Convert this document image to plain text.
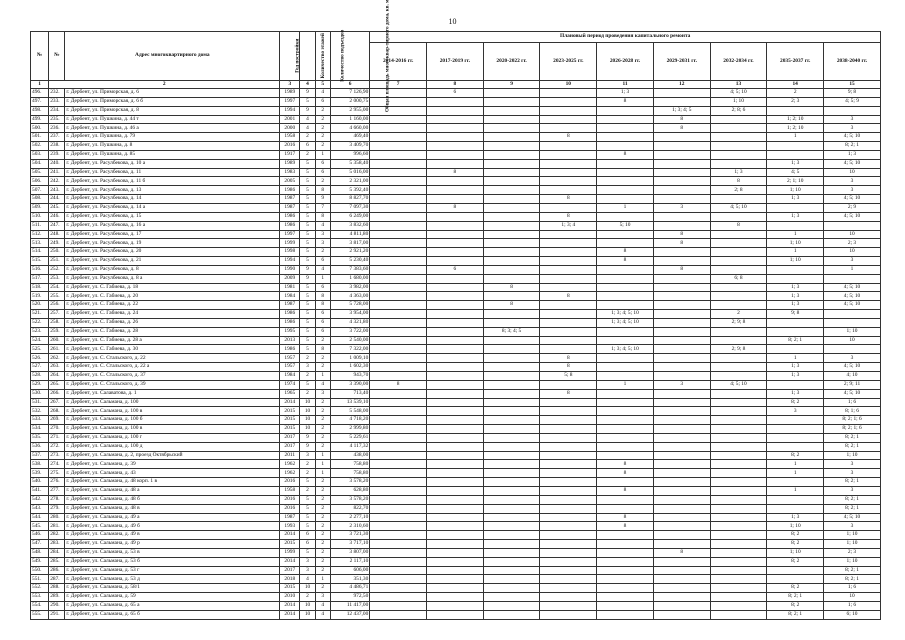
10
№	№	Адрес многоквартирного дома	Год постройки	Количество этажей	Количество подъездов	Общая площадь многоквар-тирного дома, кв. м	Плановый период проведения капитального ремонта								
							2014-2016 гг.	2017-2019 гг.	2020-2022 гг.	2023-2025 гг.	2026-2028 гг.	2029-2031 гг.	2032-2034 гг.	2035-2037 гг.	2038-2040 гг.
1	2		3	4	5	6	7	8	9	10	11	12	13	14	15
496.	232.	г. Дербент, ул. Приморская, д. 6	1989	9	4	7 126,90		6			1; 3		4; 5; 10	2	9; 8
497.	233.	г. Дербент, ул. Приморская, д. 6 б	1997	5	6	2 000,75					8		1; 10	2; 3	4; 5; 9
498.	234.	г. Дербент, ул. Приморская, д. 8	1994	9	2	2 955,00						1; 3; 4; 5	2; 8; 6		
499.	235.	г. Дербент, ул. Пушкина, д. 44 т	2001	4	2	1 160,00						8		1; 2; 10	3
500.	236.	г. Дербент, ул. Пушкина, д. 46 а	2000	4	2	4 660,00						8		1; 2; 10	3
501.	237.	г. Дербент, ул. Пушкина, д. 79	1958	2	2	469,40				8				1	4; 5; 10
502.	238.	г. Дербент, ул. Пушкина, д. 8	2016	6	2	3 409,70									8; 2; 1
503.	239.	г. Дербент, ул. Пушкина, д. 85	1917	2	1	996,60					8				1; 3
504.	240.	г. Дербент, ул. Расулбекова, д. 10 а	1989	5	6	5 358,40								1; 3	4; 5; 10
505.	241.	г. Дербент, ул. Расулбекова, д. 11	1983	5	6	5 016,00		8					1; 3	4; 5	10
506.	242.	г. Дербент, ул. Расулбекова, д. 11 б	2005	5	2	2 321,00							8	2; 1; 10	3
507.	243.	г. Дербент, ул. Расулбекова, д. 13	1986	5	8	5 392,40							2; 8	1; 10	3
508.	244.	г. Дербент, ул. Расулбекова, д. 14	1987	5	9	8 827,70				8				1; 3	4; 5; 10
509.	245.	г. Дербент, ул. Расулбекова, д. 14 а	1987	5	7	7 097,30		8			1	3	4; 5; 10		2; 9
510.	246.	г. Дербент, ул. Расулбекова, д. 15	1986	5	8	6 249,00				8				1; 3	4; 5; 10
511.	247.	г. Дербент, ул. Расулбекова, д. 16 а	1986	5	4	3 832,60				1; 3; 4	5; 10		8		
512.	248.	г. Дербент, ул. Расулбекова, д. 17	1997	5	3	4 811,80						8		1	10
513.	249.	г. Дербент, ул. Расулбекова, д. 19	1999	5	3	3 817,00						8		1; 10	2; 3
514.	250.	г. Дербент, ул. Расулбекова, д. 20	1998	5	2	2 921,20					8			1	10
515.	251.	г. Дербент, ул. Расулбекова, д. 21	1994	5	6	5 230,40					8			1; 10	3
516.	252.	г. Дербент, ул. Расулбекова, д. 8	1990	9	4	7 383,60		6				8			1
517.	253.	г. Дербент, ул. Расулбекова, д. 8 а	2009	9	1	1 680,00							6; 8		
518.	254.	г. Дербент, ул. С. Габиева, д. 18	1981	5	6	3 982,00			8					1; 3	4; 5; 10
519.	255.	г. Дербент, ул. С. Габиева, д. 20	1984	5	8	4 363,00				8				1; 3	4; 5; 10
520.	256.	г. Дербент, ул. С. Габиева, д. 22	1987	5	8	5 728,00			8					1; 3	4; 5; 10
521.	257.	г. Дербент, ул. С. Габиева, д. 24	1986	5	6	3 954,00					1; 3; 4; 5; 10		2	9; 8	
522.	258.	г. Дербент, ул. С. Габиева, д. 26	1986	5	6	4 321,80					1; 3; 4; 5; 10		2; 9; 8		
523.	259.	г. Дербент, ул. С. Габиева, д. 28	1995	5	6	3 722,00			8; 3; 4; 5						1; 10
524.	260.	г. Дербент, ул. С. Габиева, д. 28 а	2013	5	2	2 540,00								8; 2; 1	10
525.	261.	г. Дербент, ул. С. Габиева, д. 30	1986	5	8	7 322,00					1; 3; 4; 5; 10		2; 9; 8		
526.	262.	г. Дербент, ул. С. Стальского, д. 22	1957	2	2	1 009,10				8				1	3
527.	263.	г. Дербент, ул. С. Стальского, д. 22 а	1957	3	2	1 602,30				8				1; 3	4; 5; 10
528.	264.	г. Дербент, ул. С. Стальского, д. 37	1984	2	1	943,70				5; 8				1; 3	4; 10
529.	265.	г. Дербент, ул. С. Стальского, д. 39	1974	5	4	3 390,00	8				1	3	4; 5; 10		2; 9; 11
530.	266.	г. Дербент, ул. Салаватова, д. 1	1965	2	3	713,40				8				1; 3	4; 5; 10
531.	267.	г. Дербент, ул. Сальмана, д. 100	2014	10	2	13 539,10								8; 2	1; 6
532.	268.	г. Дербент, ул. Сальмана, д. 100 в	2015	10	2	5 548,00								3	8; 1; 6
533.	269.	г. Дербент, ул. Сальмана, д. 100 б	2015	10	2	4 718,20									8; 2; 1; 6
534.	270.	г. Дербент, ул. Сальмана, д. 100 в	2015	10	2	2 999,80									8; 2; 1; 6
535.	271.	г. Дербент, ул. Сальмана, д. 100 г	2017	9	2	5 229,61									8; 2; 1
536.	272.	г. Дербент, ул. Сальмана, д. 100 д	2017	9	2	4 117,32									8; 2; 1
537.	273.	г. Дербент, ул. Сальмана, д. 2, проезд Октябрьский	2011	3	1	438,00								8; 2	1; 10
538.	274.	г. Дербент, ул. Сальмана, д. 39	1962	2	1	758,80					8			1	3
539.	275.	г. Дербент, ул. Сальмана, д. 43	1962	2	1	758,80					8			1	3
540.	276.	г. Дербент, ул. Сальмана, д. 48 корп. 1 в	2016	5	2	3 578,20									8; 2; 1
541.	277.	г. Дербент, ул. Сальмана, д. 48 а	1958	2	2	628,80					8			1	3
542.	278.	г. Дербент, ул. Сальмана, д. 48 б	2016	5	2	3 578,20									8; 2; 1
543.	279.	г. Дербент, ул. Сальмана, д. 48 в	2016	5	2	822,70									8; 2; 1
544.	280.	г. Дербент, ул. Сальмана, д. 49 а	1987	5	2	2 277,10					8			1; 3	4; 5; 10
545.	281.	г. Дербент, ул. Сальмана, д. 49 б	1993	5	2	2 310,60					8			1; 10	3
546.	282.	г. Дербент, ул. Сальмана, д. 49 в	2014	6	2	3 721,30								8; 2	1; 10
547.	283.	г. Дербент, ул. Сальмана, д. 49 р	2015	6	2	3 717,10								8; 2	1; 10
548.	284.	г. Дербент, ул. Сальмана, д. 53 в	1999	5	2	3 807,00						8		1; 10	2; 3
549.	285.	г. Дербент, ул. Сальмана, д. 53 б	2014	3	2	2 117,10								8; 2	1; 10
550.	286.	г. Дербент, ул. Сальмана, д. 53 г	2017	3	2	606,00									8; 2; 1
551.	287.	г. Дербент, ул. Сальмана, д. 53 д	2018	4	1	351,30									8; 2; 1
552.	288.	г. Дербент, ул. Сальмана, д. 58/1	2015	10	2	4 486,71								8; 2	1; 6
553.	289.	г. Дербент, ул. Сальмана, д. 59	2010	2	3	972,50								8; 2; 1	10
554.	290.	г. Дербент, ул. Сальмана, д. 65 а	2014	10	4	11 417,00								8; 2	1; 6
555.	291.	г. Дербент, ул. Сальмана, д. 65 б	2014	10	4	12 437,00								8; 2; 1	6; 10
